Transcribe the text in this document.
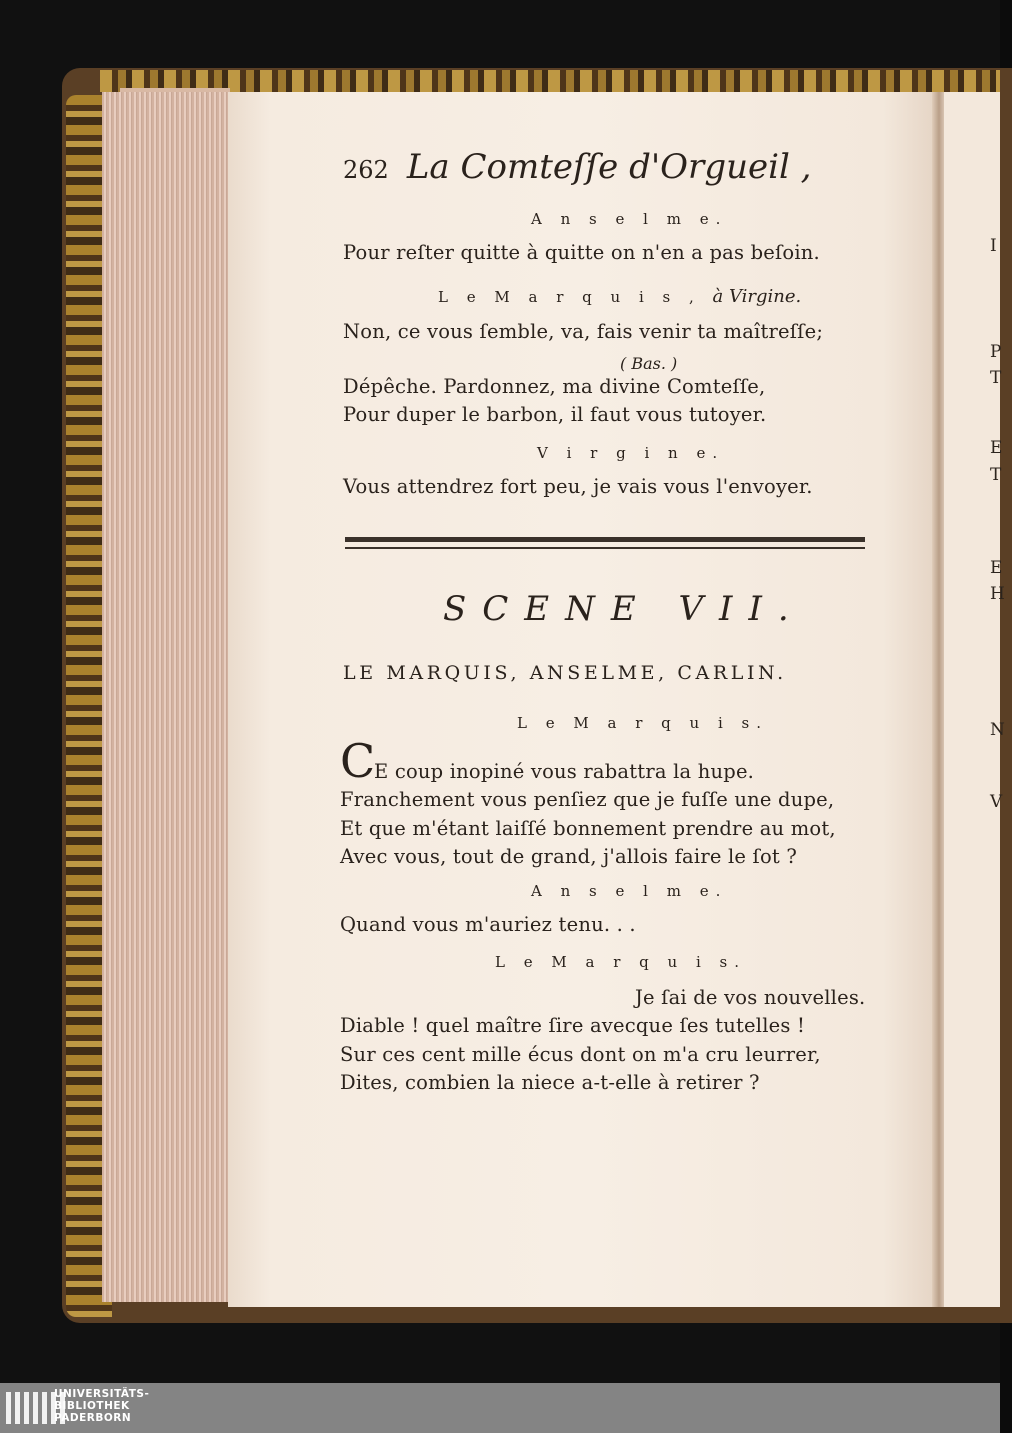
I
P
T
E
T
E
H
N
V
262 La Comteſſe d'Orgueil ,
A n s e l m e.
Pour reſter quitte à quitte on n'en a pas beſoin.
L e M a r q u i s , à Virgine.
Non, ce vous ſemble, va, fais venir ta maîtreſſe;
( Bas. )
Dépêche. Pardonnez, ma divine Comteſſe,
Pour duper le barbon, il faut vous tutoyer.
V i r g i n e.
Vous attendrez fort peu, je vais vous l'envoyer.
SCENE VII.
LE MARQUIS, ANSELME, CARLIN.
L e M a r q u i s.
C
E coup inopiné vous rabattra la hupe.
Franchement vous penſiez que je fuſſe une dupe,
Et que m'étant laiſſé bonnement prendre au mot,
Avec vous, tout de grand, j'allois faire le ſot ?
A n s e l m e.
Quand vous m'auriez tenu. . .
L e M a r q u i s.
Je ſai de vos nouvelles.
Diable ! quel maître ſire avecque ſes tutelles !
Sur ces cent mille écus dont on m'a cru leurrer,
Dites, combien la niece a-t-elle à retirer ?
UNIVERSITÄTS-
BIBLIOTHEK
PADERBORN
